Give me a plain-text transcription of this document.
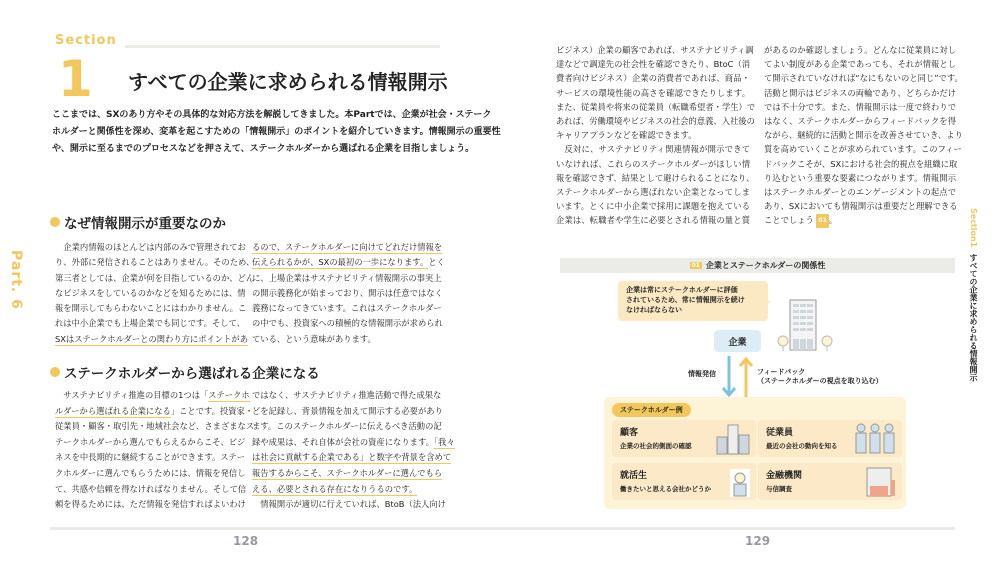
Section
1 すべての企業に求められる情報開示
ここまでは、SXのあり方やその具体的な対応方法を解説してきました。本Partでは、企業が社会・ステーク
ホルダーと関係性を深め、変革を起こすための「情報開示」のポイントを紹介していきます。情報開示の重要性
や、開示に至るまでのプロセスなどを押さえて、ステークホルダーから選ばれる企業を目指しましょう。
Part. 6
なぜ情報開示が重要なのか
　企業内情報のほとんどは内部のみで管理されてお
り、外部に発信されることはありません。そのため、
第三者としては、企業が何を目指しているのか、どん
なビジネスをしているのかなどを知るためには、情
報を開示してもらわないことにはわかりません。こ
れは中小企業でも上場企業でも同じです。そして、
SXはステークホルダーとの関わり方にポイントがあ
るので、ステークホルダーに向けてどれだけ情報を
伝えられるかが、SXの最初の一歩になります。とく
に、上場企業はサステナビリティ情報開示の事実上
の開示義務化が始まっており、開示は任意ではなく
義務になってきています。これはステークホルダー
の中でも、投資家への積極的な情報開示が求められ
ている、という意味があります。
ステークホルダーから選ばれる企業になる
　サステナビリティ推進の目標の1つは「ステークホ
ルダーから選ばれる企業になる」ことです。投資家・
従業員・顧客・取引先・地域社会など、さまざまなス
テークホルダーから選んでもらえるからこそ、ビジ
ネスを中長期的に継続することができます。ステー
クホルダーに選んでもらうためには、情報を発信し
て、共感や信頼を得なければなりません。そして信
頼を得るためには、ただ情報を発信すればよいわけ
ではなく、サステナビリティ推進活動で得た成果な
どを記録し、背景情報を加えて開示する必要があり
ます。このステークホルダーに伝えるべき活動の記
録や成果は、それ自体が会社の資産になります。「我々
は社会に貢献する企業である」と数字や背景を含めて
報告するからこそ、ステークホルダーに選んでもら
える、必要とされる存在になりうるのです。
　情報開示が適切に行えていれば、BtoB（法人向け
ビジネス）企業の顧客であれば、サステナビリティ調
達などで調達先の社会性を確認できたり、BtoC（消
費者向けビジネス）企業の消費者であれば、商品・
サービスの環境性能の高さを確認できたりします。
また、従業員や将来の従業員（転職希望者・学生）で
あれば、労働環境やビジネスの社会的意義、入社後の
キャリアプランなどを確認できます。
　反対に、サステナビリティ関連情報が開示できて
いなければ、これらのステークホルダーがほしい情
報を確認できず、結果として避けられることになり、
ステークホルダーから選ばれない企業となってしま
います。とくに中小企業で採用に課題を抱えている
企業は、転職者や学生に必要とされる情報の量と質
があるのか確認しましょう。どんなに従業員に対し
てよい制度がある企業であっても、それが情報とし
て開示されていなければ“なにもないのと同じ”です。
活動と開示はビジネスの両輪であり、どちらかだけ
では不十分です。また、情報開示は一度で終わりで
はなく、ステークホルダーからフィードバックを得
ながら、継続的に活動と開示を改善させていき、より
質を高めていくことが求められています。このフィー
ドバックこそが、SXにおける社会的視点を組織に取
り込むという重要な要素につながります。情報開示
はステークホルダーとのエンゲージメントの起点で
あり、SXにおいても情報開示は重要だと理解できる
ことでしょう 01 。	Section1すべての企業に求められる情報開示
01 企業とステークホルダーの関係性
企業は常にステークホルダーに評価
されているため、常に情報開示を続け
なければならない
企業
情報発信	フィードバック
（ステークホルダーの視点を取り込む）
ステークホルダー例
顧客
企業の社会的側面の確認
従業員
最近の会社の動向を知る
就活生
働きたいと思える会社かどうか
金融機関
与信調査
128	129
